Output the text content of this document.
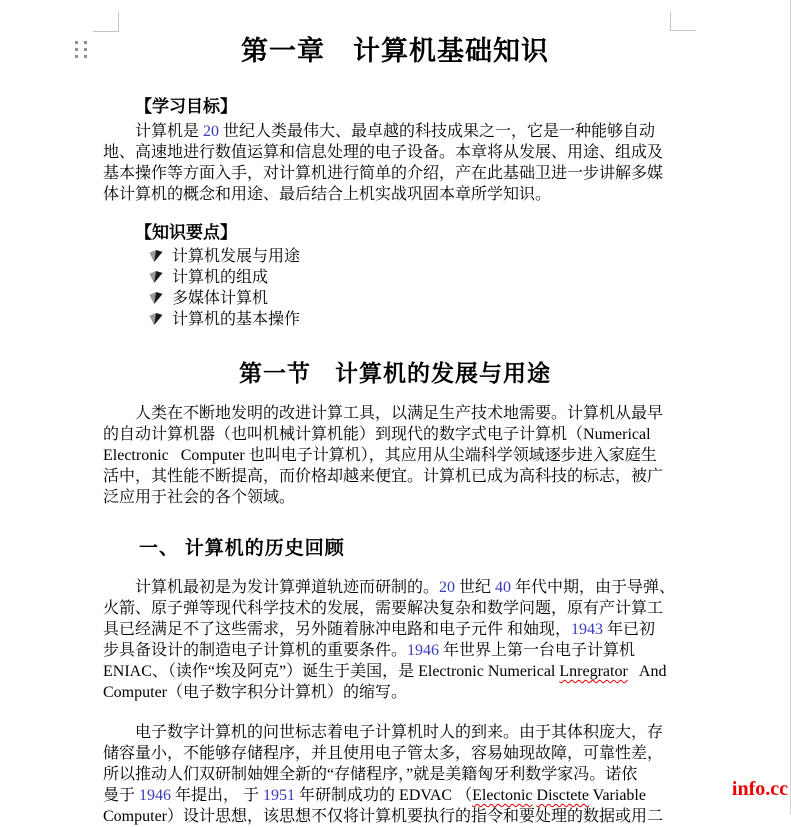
第一章　计算机基础知识
【学习目标】
计算机是 20 世纪人类最伟大、最卓越的科技成果之一，它是一种能够自动
地、高速地进行数值运算和信息处理的电子设备。本章将从发展、用途、组成及
基本操作等方面入手，对计算机进行简单的介绍，产在此基础卫进一步讲解多媒
体计算机的概念和用途、最后结合上机实战巩固本章所学知识。
【知识要点】
计算机发展与用途
计算机的组成
多媒体计算机
计算机的基本操作
第一节　计算机的发展与用途
人类在不断地发明的改进计算工具，以满足生产技术地需要。计算机从最早
的自动计算机器（也叫机械计算机能）到现代的数字式电子计算机（Numerical
Electronic   Computer 也叫电子计算机），其应用从尘端科学领域逐步进入家庭生
活中，其性能不断提高，而价格却越来便宜。计算机已成为高科技的标志，被广
泛应用于社会的各个领域。
一、 计算机的历史回顾
计算机最初是为发计算弹道轨迹而研制的。20 世纪 40 年代中期，由于导弹、
火箭、原子弹等现代科学技术的发展，需要解决复杂和数学问题，原有产计算工
具已经满足不了这些需求，另外随着脉冲电路和电子元件 和妯现，1943 年已初
步具备设计的制造电子计算机的重要条件。1946 年世界上第一台电子计算机
ENIAC、（读作“埃及阿克”）诞生于美国，是 Electronic Numerical Lnregrator   And
Computer（电子数字积分计算机）的缩写。
电子数字计算机的问世标志着电子计算机时人的到来。由于其体积庞大，存
储容量小，不能够存储程序，并且使用电子管太多，容易妯现故障，可靠性差，
所以推动人们双研制妯娌全新的“存储程序，”就是美籍匈牙利数学家冯。诺依
曼于 1946 年提出， 于 1951 年研制成功的 EDVAC （Electonic Disctete Variable
Computer）设计思想，该思想不仅将计算机要执行的指令和要处理的数据或用二
info.cc
